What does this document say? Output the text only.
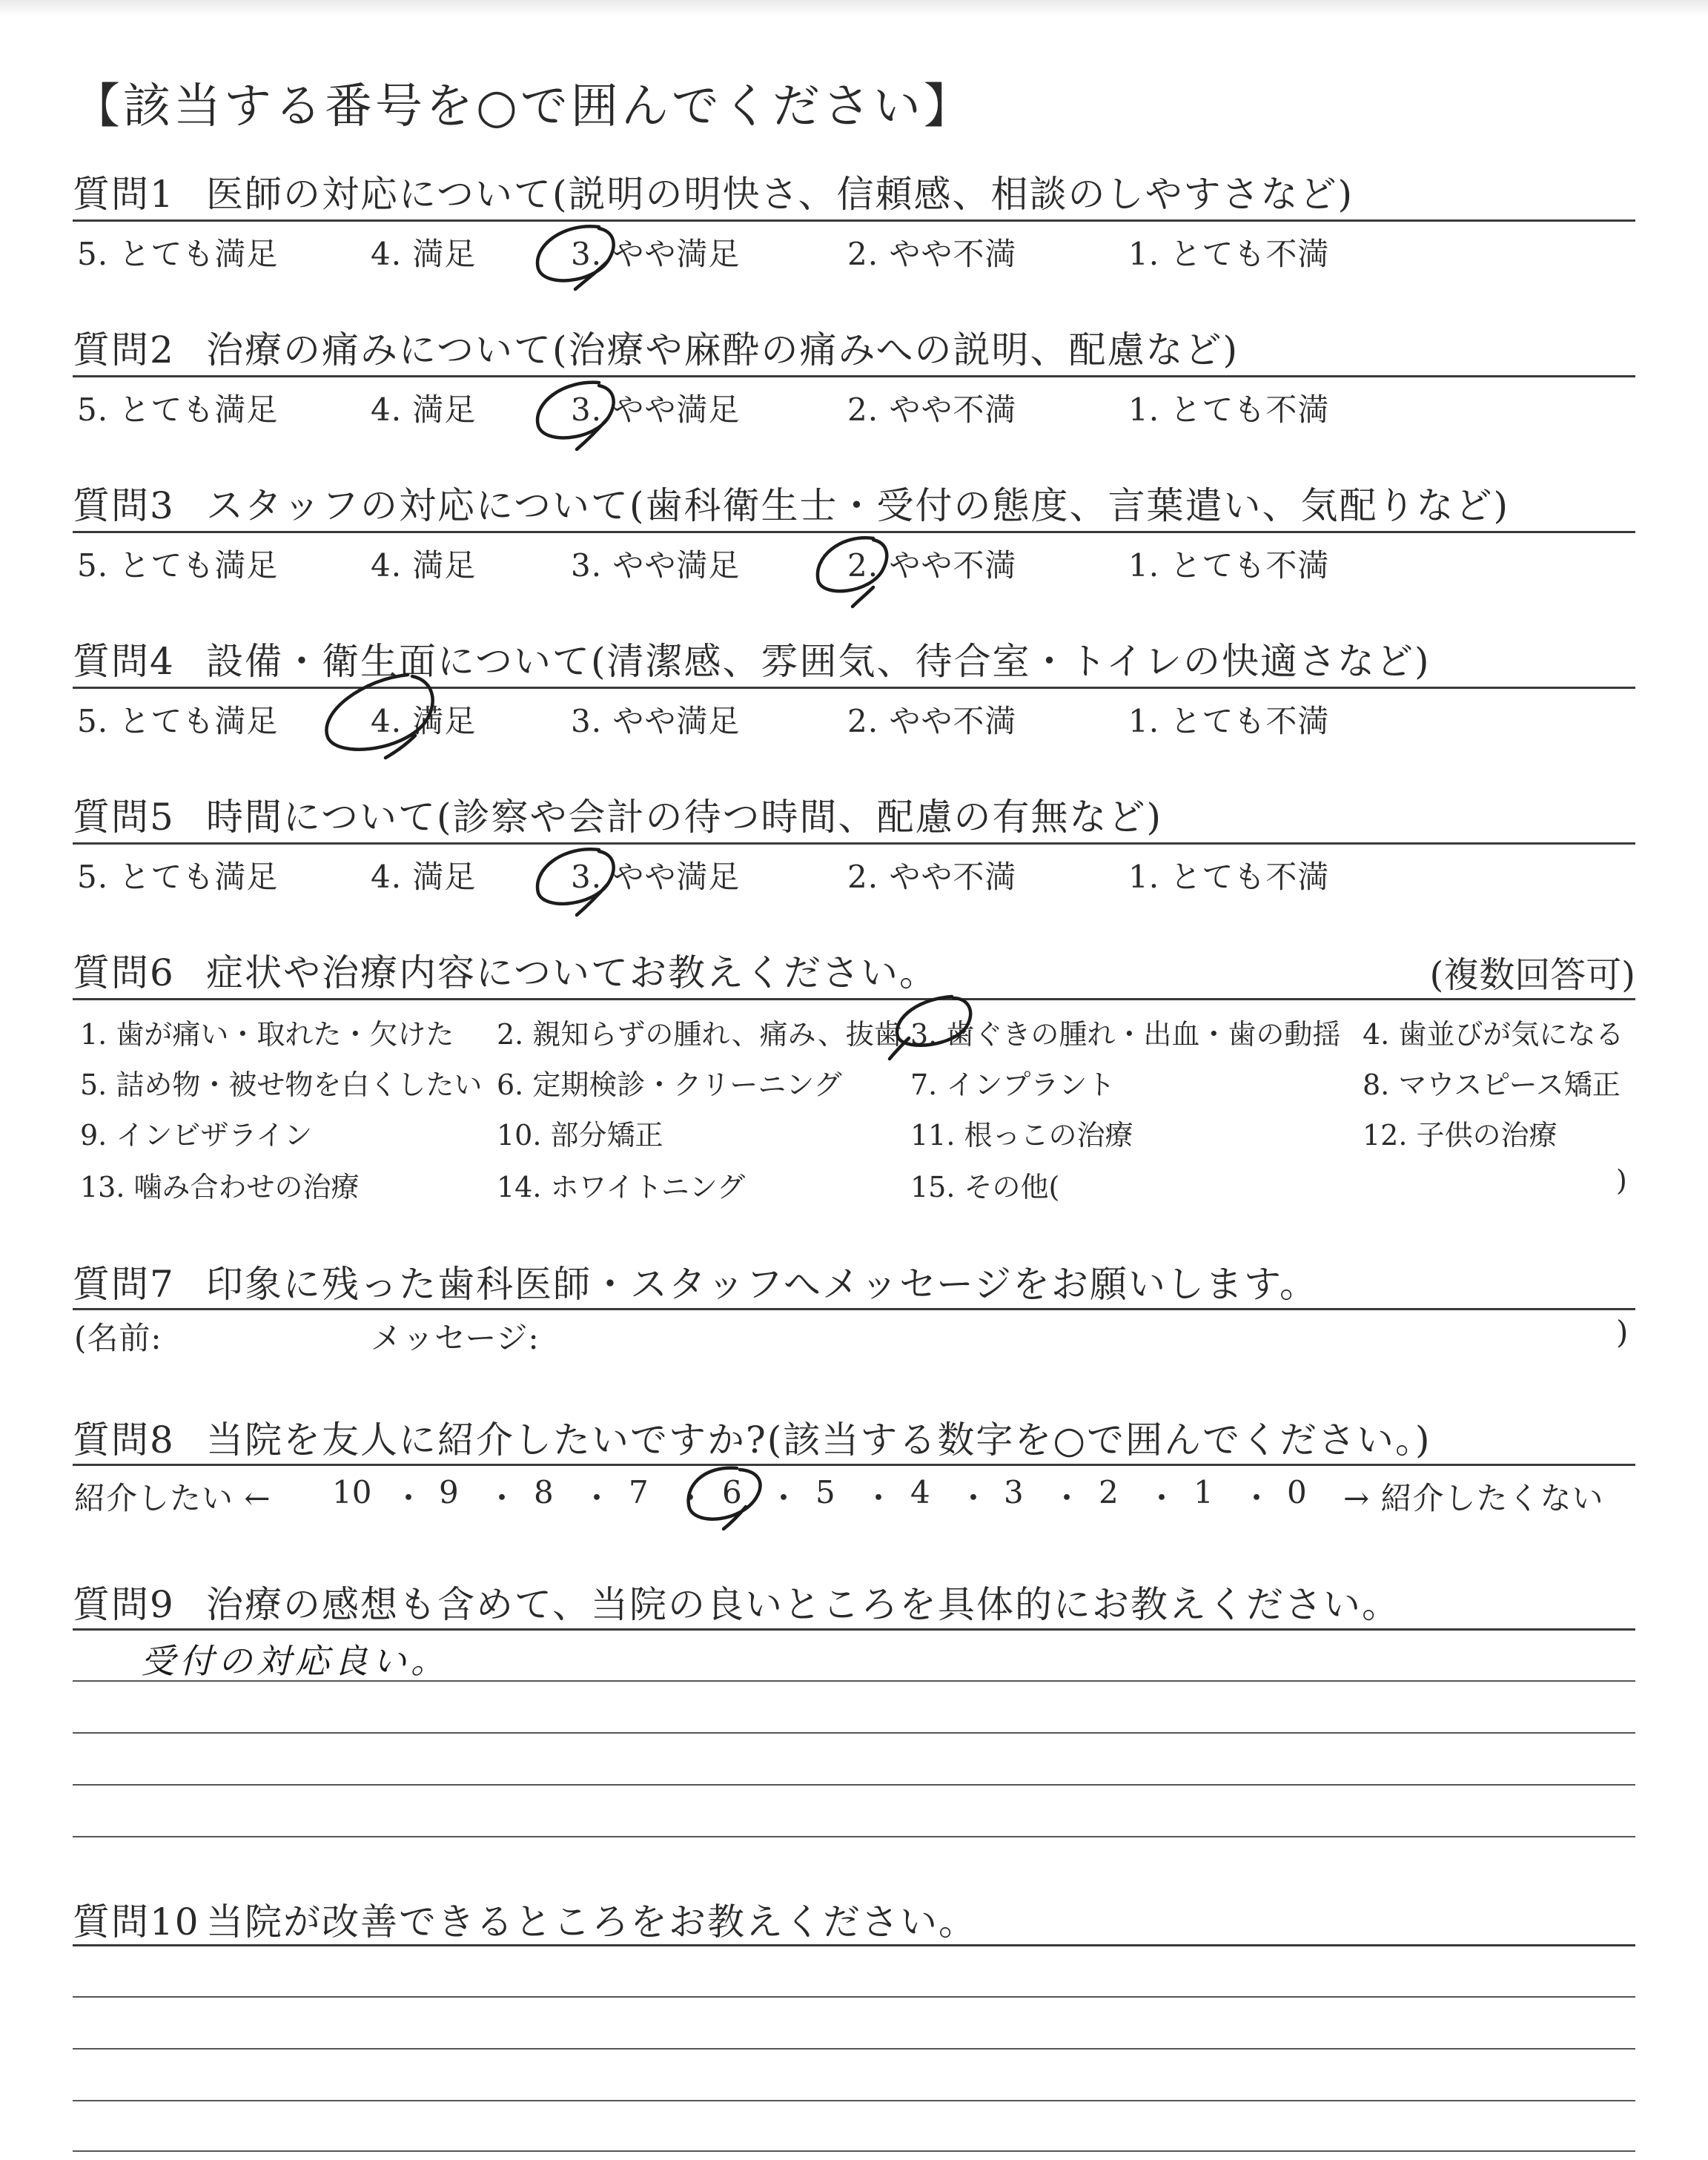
【該当する番号を○で囲んでください】
質問1 医師の対応について(説明の明快さ、信頼感、相談のしやすさなど)
5. とても満足	4. 満足	3. やや満足	2. やや不満	1. とても不満
質問2 治療の痛みについて(治療や麻酔の痛みへの説明、配慮など)
5. とても満足	4. 満足	3. やや満足	2. やや不満	1. とても不満
質問3 スタッフの対応について(歯科衛生士・受付の態度、言葉遣い、気配りなど)
5. とても満足	4. 満足	3. やや満足	2. やや不満	1. とても不満
質問4 設備・衛生面について(清潔感、雰囲気、待合室・トイレの快適さなど)
5. とても満足	4. 満足	3. やや満足	2. やや不満	1. とても不満
質問5 時間について(診察や会計の待つ時間、配慮の有無など)
5. とても満足	4. 満足	3. やや満足	2. やや不満	1. とても不満
質問6 症状や治療内容についてお教えください。	(複数回答可)
1. 歯が痛い・取れた・欠けた 2. 親知らずの腫れ、痛み、抜歯 3. 歯ぐきの腫れ・出血・歯の動揺 4. 歯並びが気になる
5. 詰め物・被せ物を白くしたい 6. 定期検診・クリーニング 7. インプラント	8. マウスピース矯正
9. インビザライン	10. 部分矯正	11. 根っこの治療	12. 子供の治療
13. 噛み合わせの治療	14. ホワイトニング	15. その他(	)
質問7 印象に残った歯科医師・スタッフへメッセージをお願いします。
(名前:	メッセージ:	)
質問8 当院を友人に紹介したいですか?(該当する数字を○で囲んでください。)
紹介したい ← 10 ・ 9 ・ 8 ・ 7 ・ 6 ・ 5 ・ 4 ・ 3 ・ 2 ・ 1 ・ 0 → 紹介したくない
質問9 治療の感想も含めて、当院の良いところを具体的にお教えください。
受付の対応良い。
質問10 当院が改善できるところをお教えください。
